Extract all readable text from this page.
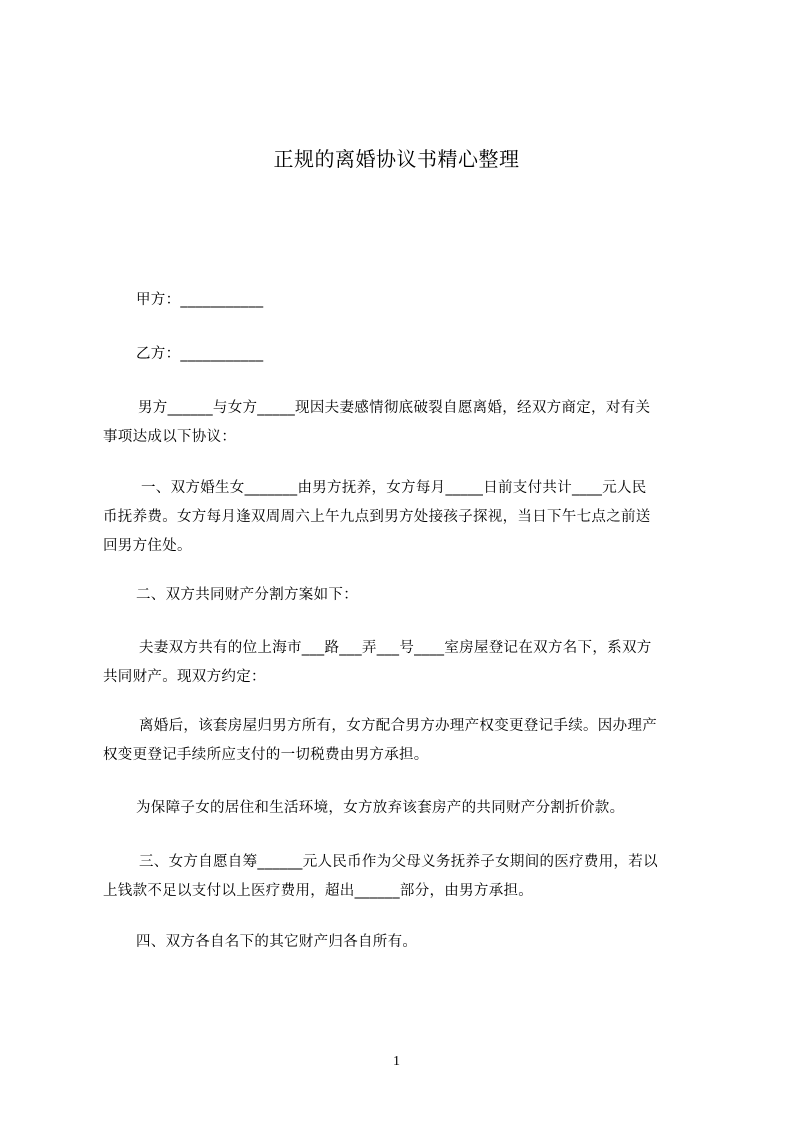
正规的离婚协议书精心整理
甲方：___________
乙方：___________
男方______与女方_____现因夫妻感情彻底破裂自愿离婚，经双方商定，对有关
事项达成以下协议：
一、双方婚生女_______由男方抚养，女方每月_____日前支付共计____元人民
币抚养费。女方每月逢双周周六上午九点到男方处接孩子探视，当日下午七点之前送
回男方住处。
二、双方共同财产分割方案如下：
夫妻双方共有的位上海市___路___弄___号____室房屋登记在双方名下，系双方
共同财产。现双方约定：
离婚后，该套房屋归男方所有，女方配合男方办理产权变更登记手续。因办理产
权变更登记手续所应支付的一切税费由男方承担。
为保障子女的居住和生活环境，女方放弃该套房产的共同财产分割折价款。
三、女方自愿自筹______元人民币作为父母义务抚养子女期间的医疗费用，若以
上钱款不足以支付以上医疗费用，超出______部分，由男方承担。
四、双方各自名下的其它财产归各自所有。
1
